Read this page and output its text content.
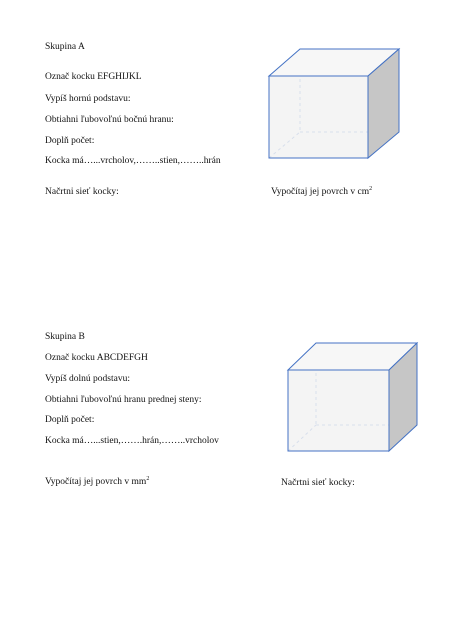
Skupina A
Označ kocku EFGHIJKL
Vypíš hornú podstavu:
Obtiahni ľubovoľnú bočnú hranu:
Doplň počet:
Kocka má…...vrcholov,……..stien,……..hrán
Načrtni sieť kocky:	Vypočítaj jej povrch v $cm^2$
Skupina B
Označ kocku ABCDEFGH
Vypíš dolnú podstavu:
Obtiahni ľubovoľnú hranu prednej steny:
Doplň počet:
Kocka má…...stien,…….hrán,……..vrcholov
Vypočítaj jej povrch v $mm^2$	Načrtni sieť kocky:
